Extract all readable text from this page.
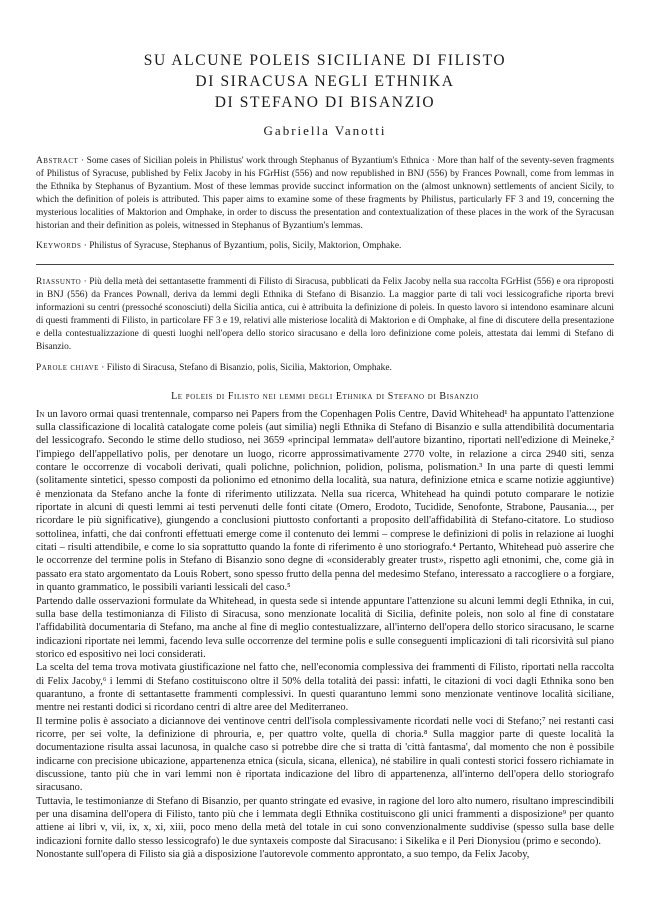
SU ALCUNE POLEIS SICILIANE DI FILISTO
DI SIRACUSA NEGLI ETHNIKA
DI STEFANO DI BISANZIO
Gabriella Vanotti

Abstract · Some cases of Sicilian poleis in Philistus' work through Stephanus of Byzantium's Ethnica · More than half of the seventy-seven fragments of Philistus of Syracuse, published by Felix Jacoby in his FGrHist (556) and now republished in BNJ (556) by Frances Pownall, come from lemmas in the Ethnika by Stephanus of Byzantium. Most of these lemmas provide succinct information on the (almost unknown) settlements of ancient Sicily, to which the definition of poleis is attributed. This paper aims to examine some of these fragments by Philistus, particularly FF 3 and 19, concerning the mysterious localities of Maktorion and Omphake, in order to discuss the presentation and contextualization of these places in the work of the Syracusan historian and their definition as poleis, witnessed in Stephanus of Byzantium's lemmas.

Keywords · Philistus of Syracuse, Stephanus of Byzantium, polis, Sicily, Maktorion, Omphake.

Riassunto · Più della metà dei settantasette frammenti di Filisto di Siracusa, pubblicati da Felix Jacoby nella sua raccolta FGrHist (556) e ora riproposti in BNJ (556) da Frances Pownall, deriva da lemmi degli Ethnika di Stefano di Bisanzio. La maggior parte di tali voci lessicografiche riporta brevi informazioni su centri (pressoché sconosciuti) della Sicilia antica, cui è attribuita la definizione di poleis. In questo lavoro si intendono esaminare alcuni di questi frammenti di Filisto, in particolare FF 3 e 19, relativi alle misteriose località di Maktorion e di Omphake, al fine di discutere della presentazione e della contestualizzazione di questi luoghi nell'opera dello storico siracusano e della loro definizione come poleis, attestata dai lemmi di Stefano di Bisanzio.

Parole chiave · Filisto di Siracusa, Stefano di Bisanzio, polis, Sicilia, Maktorion, Omphake.

Le poleis di Filisto nei lemmi degli Ethnika di Stefano di Bisanzio

In un lavoro ormai quasi trentennale, comparso nei Papers from the Copenhagen Polis Centre, David Whitehead¹ ha appuntato l'attenzione sulla classificazione di località catalogate come poleis (aut similia) negli Ethnika di Stefano di Bisanzio e sulla attendibilità documentaria del lessicografo. Secondo le stime dello studioso, nei 3659 «principal lemmata» dell'autore bizantino, riportati nell'edizione di Meineke,² l'impiego dell'appellativo polis, per denotare un luogo, ricorre approssimativamente 2770 volte, in relazione a circa 2940 siti, senza contare le occorrenze di vocaboli derivati, quali polichne, polichnion, polidion, polisma, polismation.³ In una parte di questi lemmi (solitamente sintetici, spesso composti da polionimo ed etnonimo della località, sua natura, definizione etnica e scarne notizie aggiuntive) è menzionata da Stefano anche la fonte di riferimento utilizzata. Nella sua ricerca, Whitehead ha quindi potuto comparare le notizie riportate in alcuni di questi lemmi ai testi pervenuti delle fonti citate (Omero, Erodoto, Tucidide, Senofonte, Strabone, Pausania..., per ricordare le più significative), giungendo a conclusioni piuttosto confortanti a proposito dell'affidabilità di Stefano-citatore. Lo studioso sottolinea, infatti, che dai confronti effettuati emerge come il contenuto dei lemmi – comprese le definizioni di polis in relazione ai luoghi citati – risulti attendibile, e come lo sia soprattutto quando la fonte di riferimento è uno storiografo.⁴ Pertanto, Whitehead può asserire che le occorrenze del termine polis in Stefano di Bisanzio sono degne di «considerably greater trust», rispetto agli etnonimi, che, come già in passato era stato argomentato da Louis Robert, sono spesso frutto della penna del medesimo Stefano, interessato a raccogliere o a forgiare, in quanto grammatico, le possibili varianti lessicali del caso.⁵

Partendo dalle osservazioni formulate da Whitehead, in questa sede si intende appuntare l'attenzione su alcuni lemmi degli Ethnika, in cui, sulla base della testimonianza di Filisto di Siracusa, sono menzionate località di Sicilia, definite poleis, non solo al fine di constatare l'affidabilità documentaria di Stefano, ma anche al fine di meglio contestualizzare, all'interno dell'opera dello storico siracusano, le scarne indicazioni riportate nei lemmi, facendo leva sulle occorrenze del termine polis e sulle conseguenti implicazioni di tali ricorsività sul piano storico ed espositivo nei loci considerati.

La scelta del tema trova motivata giustificazione nel fatto che, nell'economia complessiva dei frammenti di Filisto, riportati nella raccolta di Felix Jacoby,⁶ i lemmi di Stefano costituiscono oltre il 50% della totalità dei passi: infatti, le citazioni di voci dagli Ethnika sono ben quarantuno, a fronte di settantasette frammenti complessivi. In questi quarantuno lemmi sono menzionate ventinove località siciliane, mentre nei restanti dodici si ricordano centri di altre aree del Mediterraneo.

Il termine polis è associato a diciannove dei ventinove centri dell'isola complessivamente ricordati nelle voci di Stefano;⁷ nei restanti casi ricorre, per sei volte, la definizione di phrouria, e, per quattro volte, quella di choria.⁸ Sulla maggior parte di queste località la documentazione risulta assai lacunosa, in qualche caso si potrebbe dire che si tratta di 'città fantasma', dal momento che non è possibile indicarne con precisione ubicazione, appartenenza etnica (sicula, sicana, ellenica), né stabilire in quali contesti storici fossero richiamate in discussione, tanto più che in vari lemmi non è riportata indicazione del libro di appartenenza, all'interno dell'opera dello storiografo siracusano.

Tuttavia, le testimonianze di Stefano di Bisanzio, per quanto stringate ed evasive, in ragione del loro alto numero, risultano imprescindibili per una disamina dell'opera di Filisto, tanto più che i lemmata degli Ethnika costituiscono gli unici frammenti a disposizione⁹ per quanto attiene ai libri v, vii, ix, x, xi, xiii, poco meno della metà del totale in cui sono convenzionalmente suddivise (spesso sulla base delle indicazioni fornite dallo stesso lessicografo) le due syntaxeis composte dal Siracusano: i Sikelika e il Peri Dionysiou (primo e secondo).

Nonostante sull'opera di Filisto sia già a disposizione l'autorevole commento approntato, a suo tempo, da Felix Jacoby,
